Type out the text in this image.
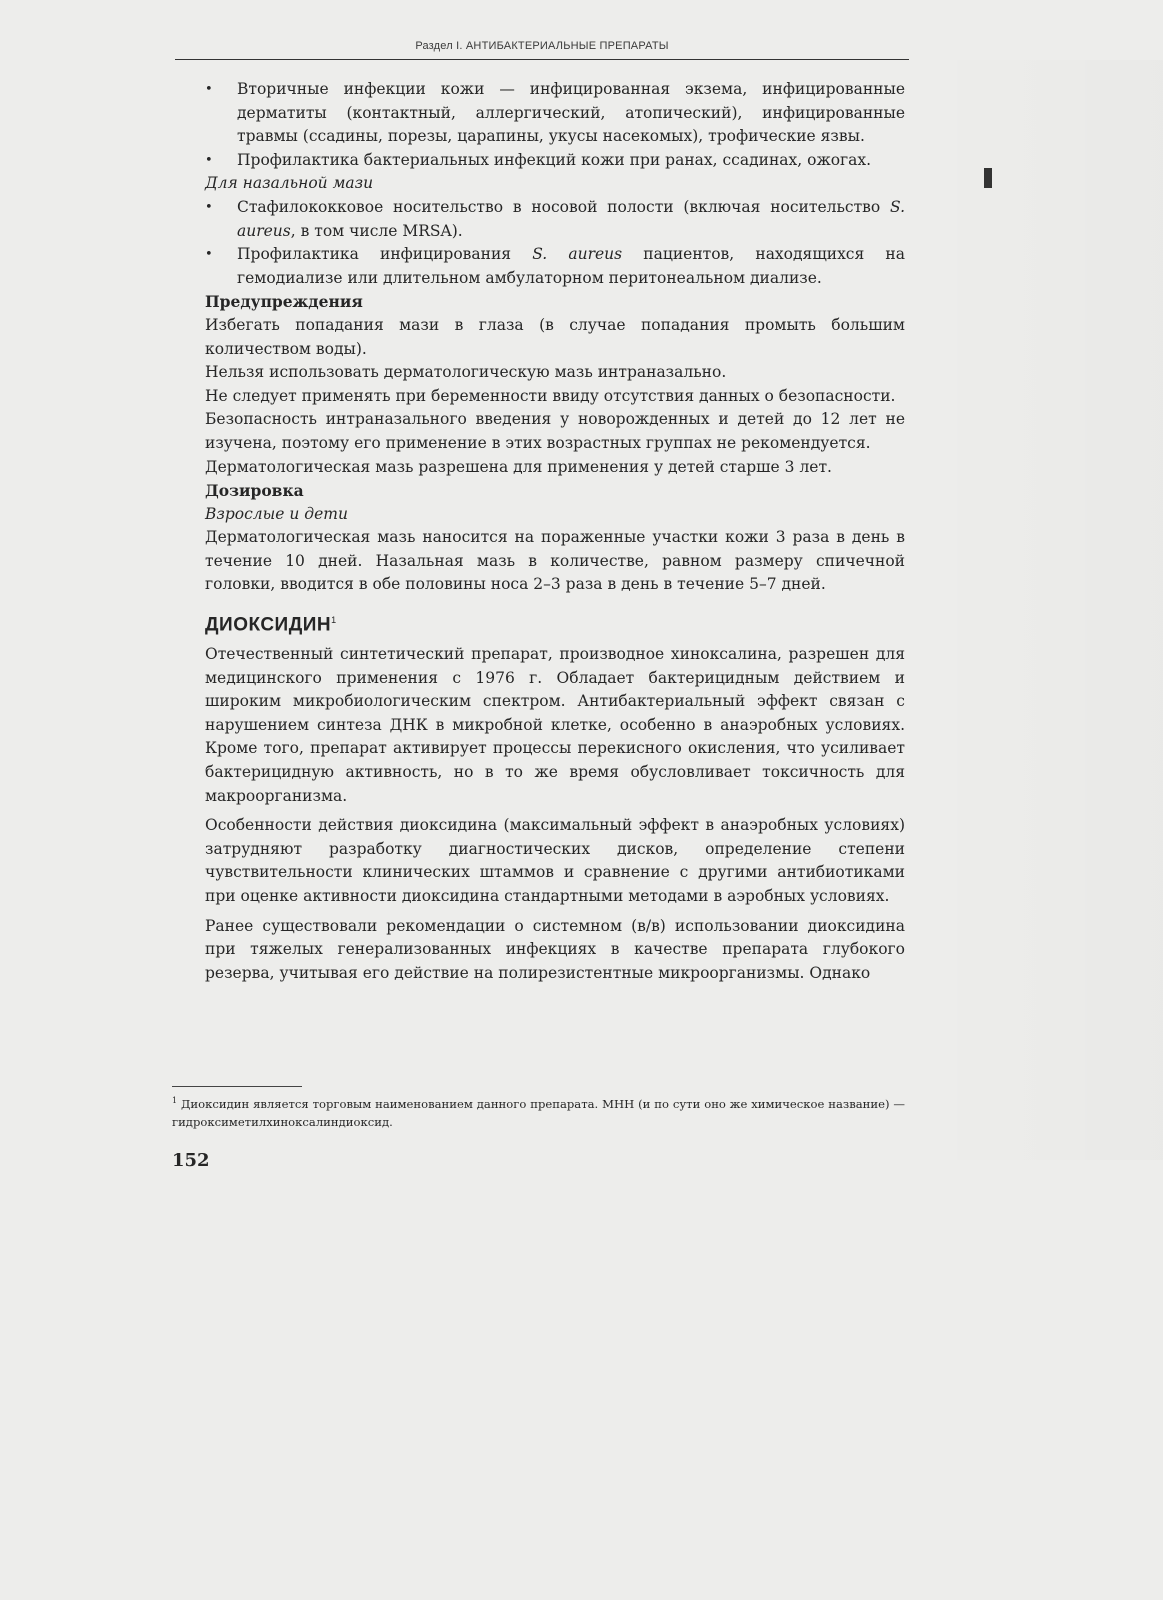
Раздел I. АНТИБАКТЕРИАЛЬНЫЕ ПРЕПАРАТЫ
• Вторичные инфекции кожи — инфицированная экзема, инфицированные дерматиты (контактный, аллергический, атопический), инфицированные травмы (ссадины, порезы, царапины, укусы насекомых), трофические язвы.
• Профилактика бактериальных инфекций кожи при ранах, ссадинах, ожогах.

Для назальной мази

• Стафилококковое носительство в носовой полости (включая носительство S. aureus, в том числе MRSA).
• Профилактика инфицирования S. aureus пациентов, находящихся на гемодиализе или длительном амбулаторном перитонеальном диализе.

Предупреждения

Избегать попадания мази в глаза (в случае попадания промыть большим количеством воды).

Нельзя использовать дерматологическую мазь интраназально.

Не следует применять при беременности ввиду отсутствия данных о безопасности.

Безопасность интраназального введения у новорожденных и детей до 12 лет не изучена, поэтому его применение в этих возрастных группах не рекомендуется.

Дерматологическая мазь разрешена для применения у детей старше 3 лет.

Дозировка

Взрослые и дети

Дерматологическая мазь наносится на пораженные участки кожи 3 раза в день в течение 10 дней. Назальная мазь в количестве, равном размеру спичечной головки, вводится в обе половины носа 2–3 раза в день в течение 5–7 дней.

ДИОКСИДИН$^1$

Отечественный синтетический препарат, производное хиноксалина, разрешен для медицинского применения с 1976 г. Обладает бактерицидным действием и широким микробиологическим спектром. Антибактериальный эффект связан с нарушением синтеза ДНК в микробной клетке, особенно в анаэробных условиях. Кроме того, препарат активирует процессы перекисного окисления, что усиливает бактерицидную активность, но в то же время обусловливает токсичность для макроорганизма.

Особенности действия диоксидина (максимальный эффект в анаэробных условиях) затрудняют разработку диагностических дисков, определение степени чувствительности клинических штаммов и сравнение с другими антибиотиками при оценке активности диоксидина стандартными методами в аэробных условиях.

Ранее существовали рекомендации о системном (в/в) использовании диоксидина при тяжелых генерализованных инфекциях в качестве препарата глубокого резерва, учитывая его действие на полирезистентные микроорганизмы. Однако

$^1$ Диоксидин является торговым наименованием данного препарата. МНН (и по сути оно же химическое название) — гидроксиметилхиноксалиндиоксид.
152
